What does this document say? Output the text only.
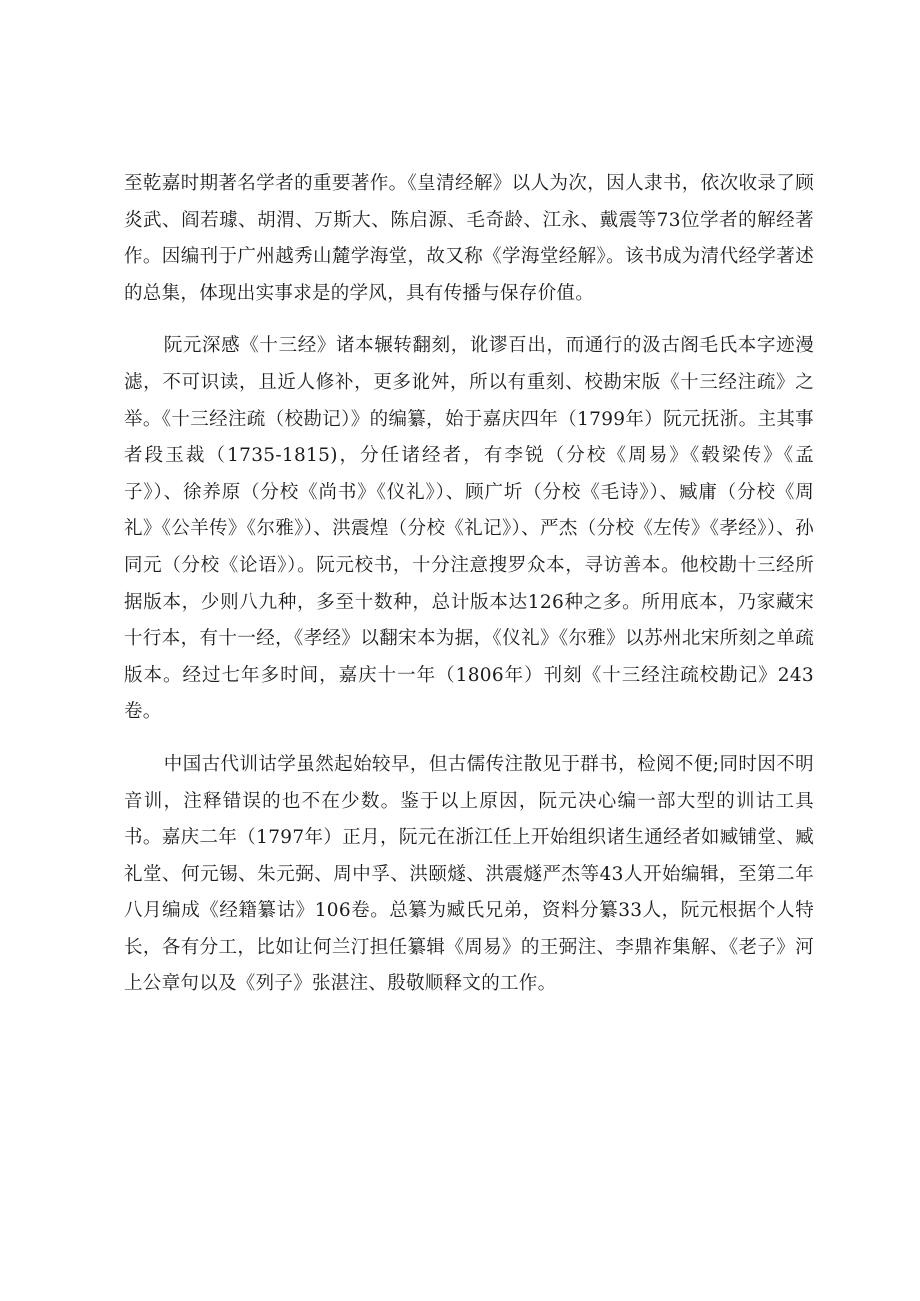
至乾嘉时期著名学者的重要著作。《皇清经解》以人为次，因人隶书，依次收录了顾炎武、阎若璩、胡渭、万斯大、陈启源、毛奇龄、江永、戴震等73位学者的解经著作。因编刊于广州越秀山麓学海堂，故又称《学海堂经解》。该书成为清代经学著述的总集，体现出实事求是的学风，具有传播与保存价值。

阮元深感《十三经》诸本辗转翻刻，讹谬百出，而通行的汲古阁毛氏本字迹漫滤，不可识读，且近人修补，更多讹舛，所以有重刻、校勘宋版《十三经注疏》之举。《十三经注疏（校勘记）》的编纂，始于嘉庆四年（1799年）阮元抚浙。主其事者段玉裁（1735-1815)，分任诸经者，有李锐（分校《周易》《毂梁传》《孟子》）、徐养原（分校《尚书》《仪礼》）、顾广圻（分校《毛诗》）、臧庸（分校《周礼》《公羊传》《尔雅》）、洪震煌（分校《礼记》）、严杰（分校《左传》《孝经》）、孙同元（分校《论语》）。阮元校书，十分注意搜罗众本，寻访善本。他校勘十三经所据版本，少则八九种，多至十数种，总计版本达126种之多。所用底本，乃家藏宋十行本，有十一经，《孝经》以翻宋本为据，《仪礼》《尔雅》以苏州北宋所刻之单疏版本。经过七年多时间，嘉庆十一年（1806年）刊刻《十三经注疏校勘记》243卷。

中国古代训诂学虽然起始较早，但古儒传注散见于群书，检阅不便;同时因不明音训，注释错误的也不在少数。鉴于以上原因，阮元决心编一部大型的训诂工具书。嘉庆二年（1797年）正月，阮元在浙江任上开始组织诸生通经者如臧铺堂、臧礼堂、何元锡、朱元弼、周中孚、洪颐燧、洪震燧严杰等43人开始编辑，至第二年八月编成《经籍纂诂》106卷。总纂为臧氏兄弟，资料分纂33人，阮元根据个人特长，各有分工，比如让何兰汀担任纂辑《周易》的王弼注、李鼎祚集解、《老子》河上公章句以及《列子》张湛注、殷敬顺释文的工作。
